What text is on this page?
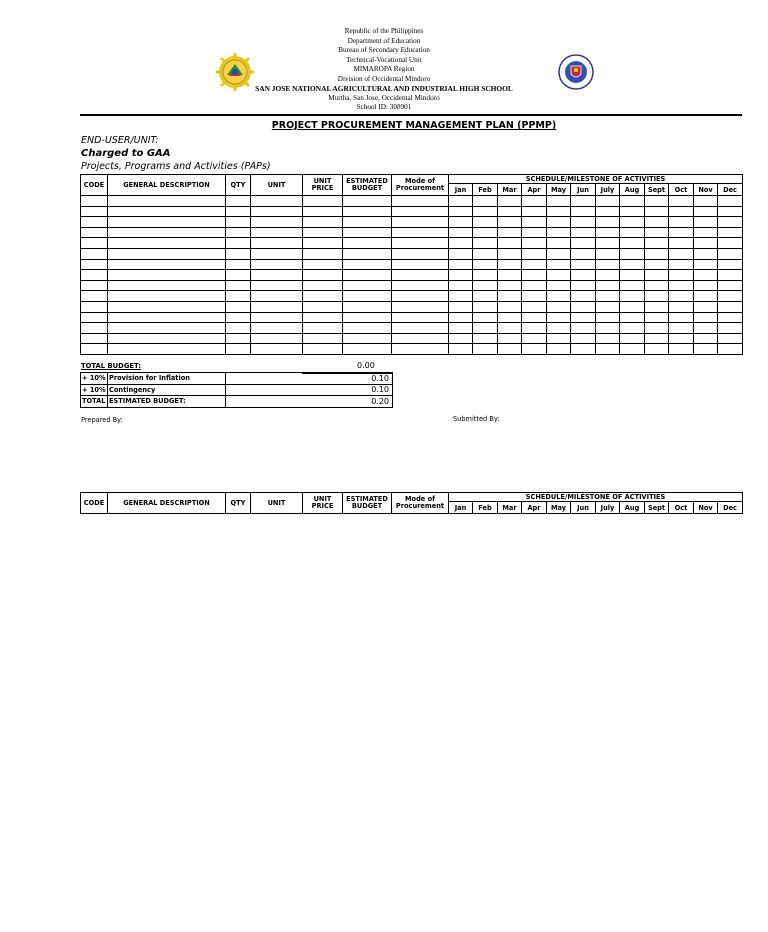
Republic of the Philippines
Department of Education
Bureau of Secondary Education
Technical-Vocational Unit
MIMAROPA Region
Division of Occidental Mindoro
SAN JOSE NATIONAL AGRICULTURAL AND INDUSTRIAL HIGH SCHOOL
Murtha, San Jose, Occidental Mindoro
School ID: 308901
PROJECT PROCUREMENT MANAGEMENT PLAN (PPMP)
END-USER/UNIT:
Charged to GAA
Projects, Programs and Activities (PAPs)
CODE	GENERAL DESCRIPTION	QTY	UNIT	UNIT PRICE	ESTIMATED BUDGET	Mode of Procurement	SCHEDULE/MILESTONE OF ACTIVITIES											
							Jan	Feb	Mar	Apr	May	Jun	July	Aug	Sept	Oct	Nov	Dec

TOTAL BUDGET:	0.00
+ 10%	Provision for Inflation	0.10
+ 10%	Contingency	0.10
TOTAL	ESTIMATED BUDGET:	0.20
Prepared By:	Submitted By:
CODE	GENERAL DESCRIPTION	QTY	UNIT	UNIT PRICE	ESTIMATED BUDGET	Mode of Procurement	SCHEDULE/MILESTONE OF ACTIVITIES											
							Jan	Feb	Mar	Apr	May	Jun	July	Aug	Sept	Oct	Nov	Dec
